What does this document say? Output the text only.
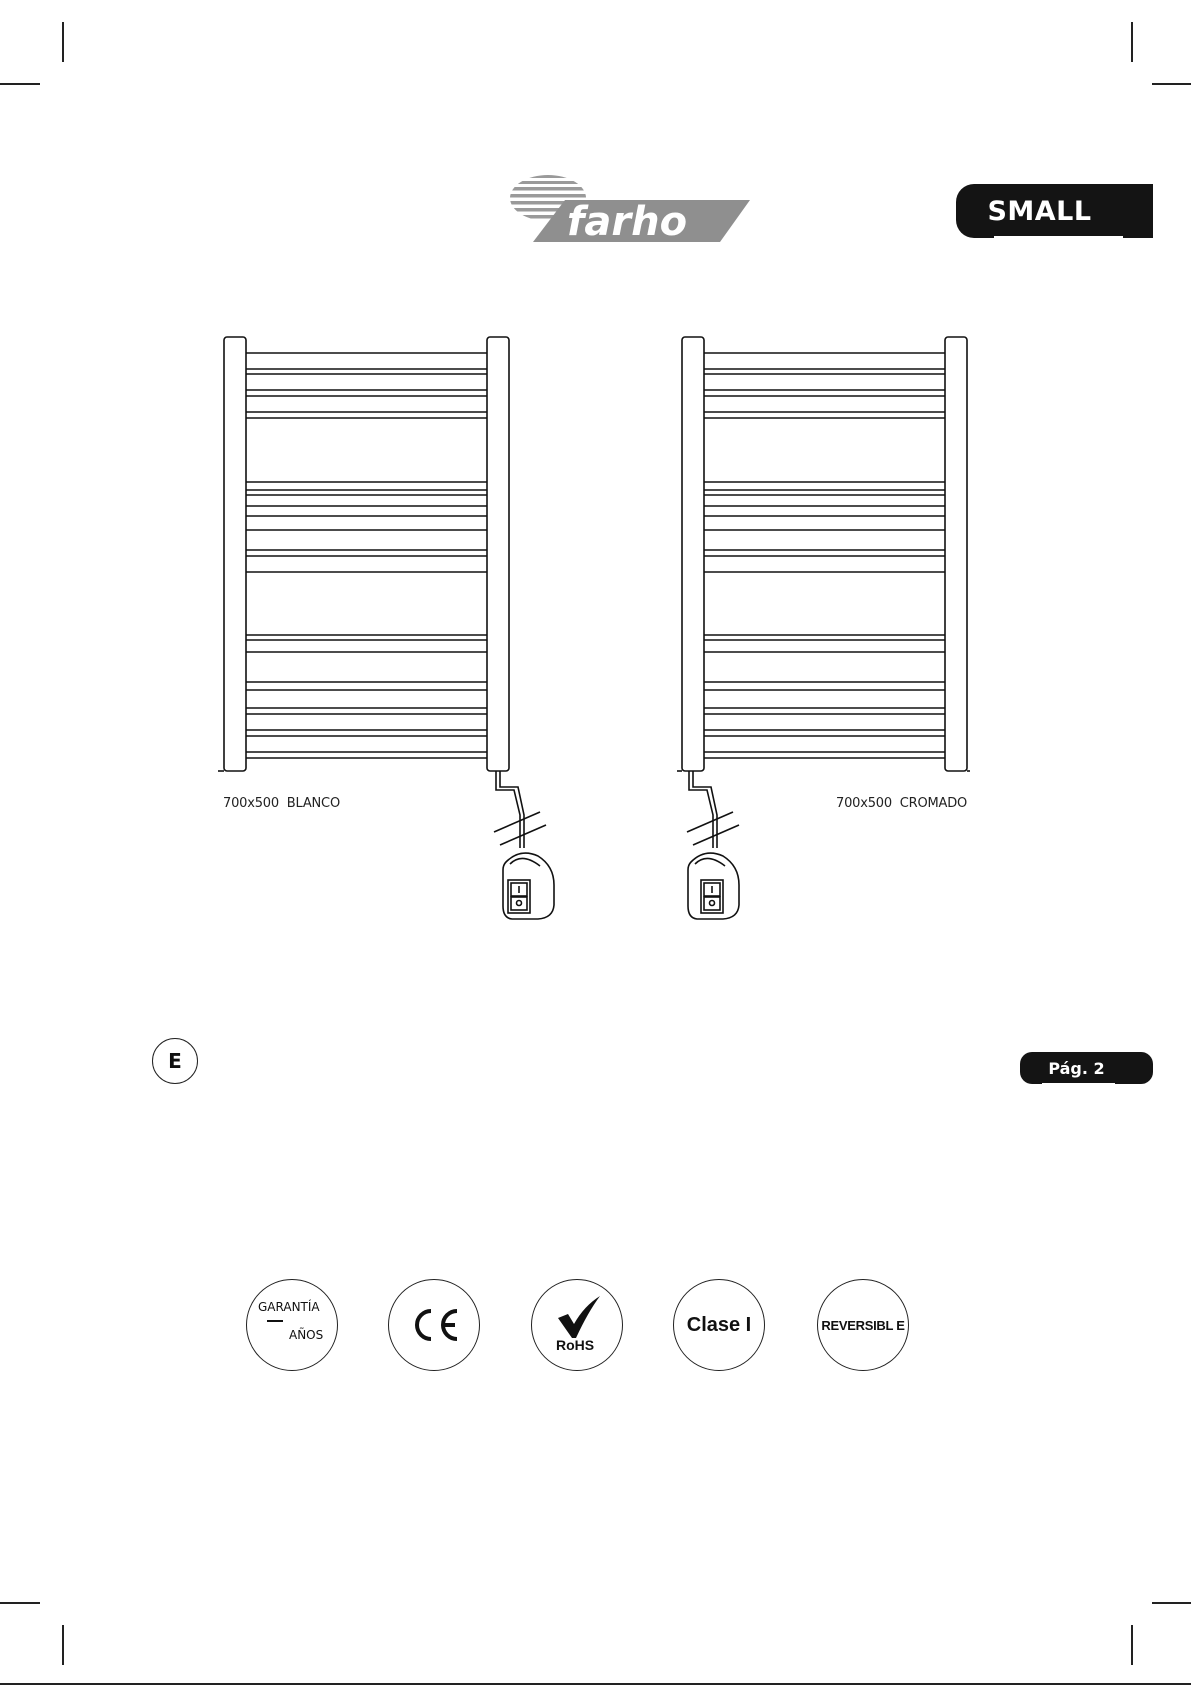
farho	SMALL
700x500  BLANCO	700x500  CROMADO
E	Pág. 2
GARANTÍA
AÑOS
RoHS
Clase I	REVERSIBL E
